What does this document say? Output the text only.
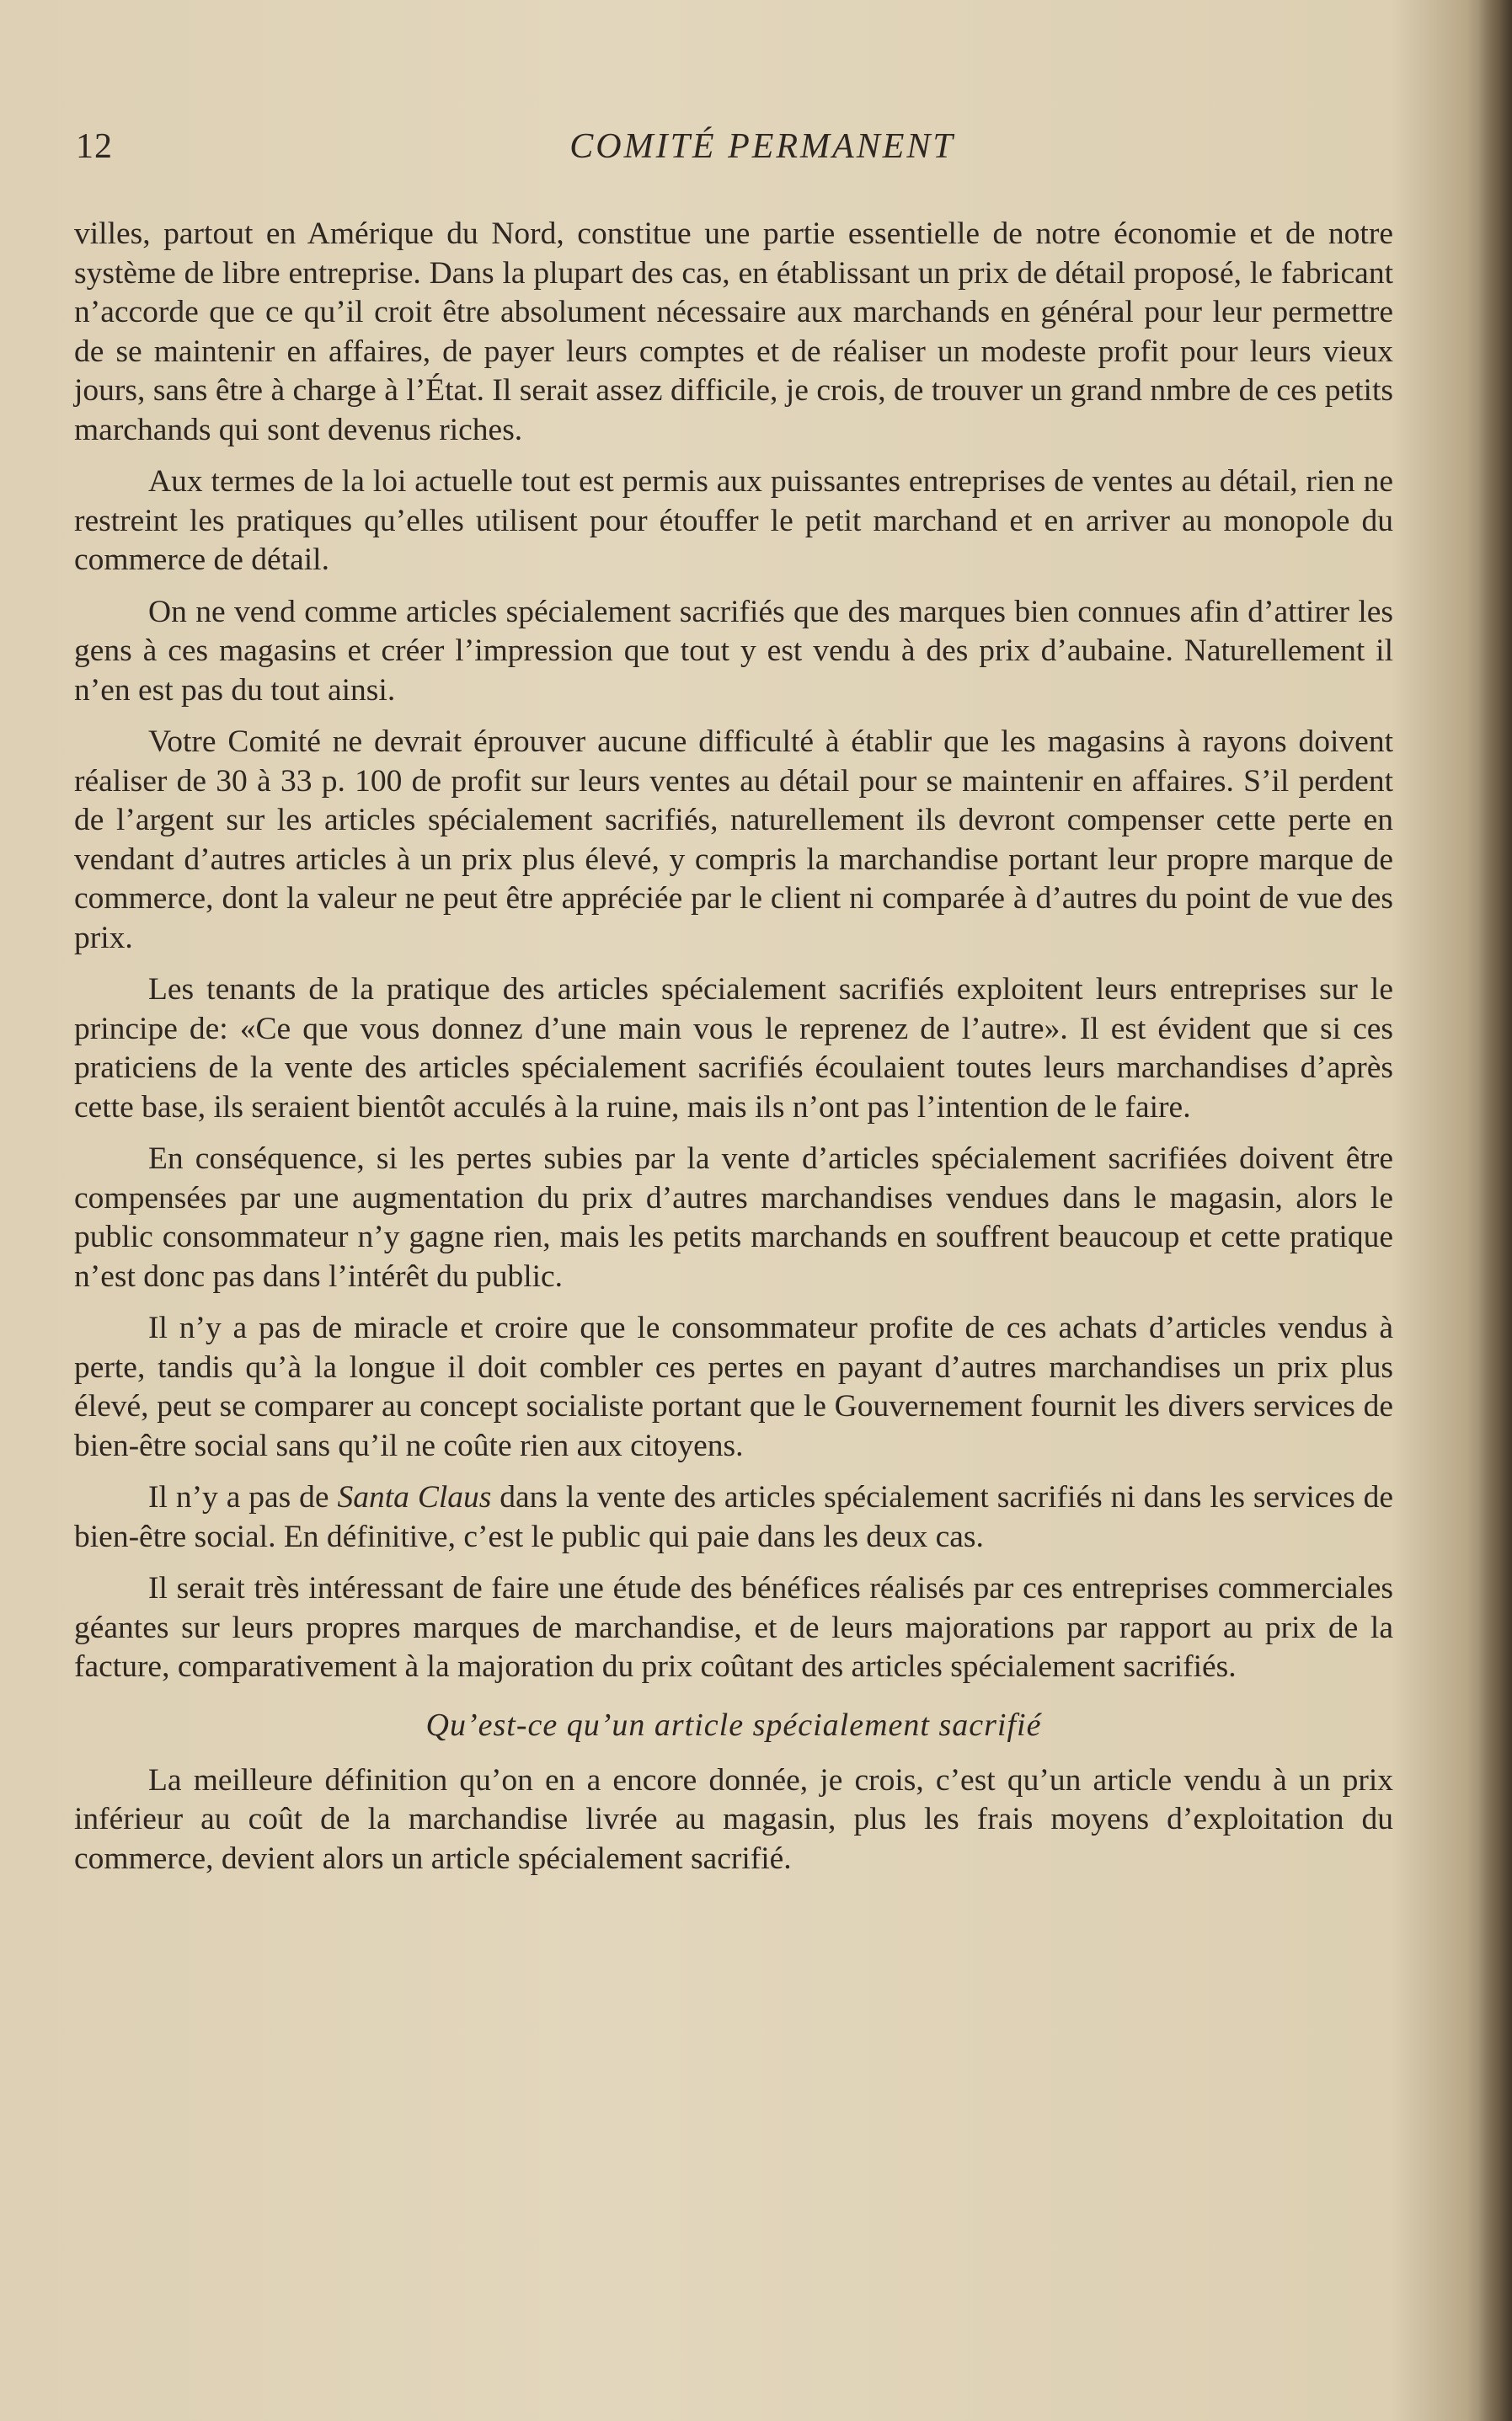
12	COMITÉ PERMANENT

villes, partout en Amérique du Nord, constitue une partie essentielle de notre économie et de notre système de libre entreprise. Dans la plupart des cas, en établissant un prix de détail proposé, le fabricant n’accorde que ce qu’il croit être absolument nécessaire aux marchands en général pour leur permettre de se maintenir en affaires, de payer leurs comptes et de réaliser un modeste profit pour leurs vieux jours, sans être à charge à l’État. Il serait assez difficile, je crois, de trouver un grand nmbre de ces petits marchands qui sont devenus riches.

Aux termes de la loi actuelle tout est permis aux puissantes entreprises de ventes au détail, rien ne restreint les pratiques qu’elles utilisent pour étouffer le petit marchand et en arriver au monopole du commerce de détail.

On ne vend comme articles spécialement sacrifiés que des marques bien connues afin d’attirer les gens à ces magasins et créer l’impression que tout y est vendu à des prix d’aubaine. Naturellement il n’en est pas du tout ainsi.

Votre Comité ne devrait éprouver aucune difficulté à établir que les magasins à rayons doivent réaliser de 30 à 33 p. 100 de profit sur leurs ventes au détail pour se maintenir en affaires. S’il perdent de l’argent sur les articles spécialement sacrifiés, naturellement ils devront compenser cette perte en vendant d’autres articles à un prix plus élevé, y compris la marchandise portant leur propre marque de commerce, dont la valeur ne peut être appréciée par le client ni comparée à d’autres du point de vue des prix.

Les tenants de la pratique des articles spécialement sacrifiés exploitent leurs entreprises sur le principe de: «Ce que vous donnez d’une main vous le reprenez de l’autre». Il est évident que si ces praticiens de la vente des articles spécialement sacrifiés écoulaient toutes leurs marchandises d’après cette base, ils seraient bientôt acculés à la ruine, mais ils n’ont pas l’intention de le faire.

En conséquence, si les pertes subies par la vente d’articles spécialement sacrifiées doivent être compensées par une augmentation du prix d’autres marchandises vendues dans le magasin, alors le public consommateur n’y gagne rien, mais les petits marchands en souffrent beaucoup et cette pratique n’est donc pas dans l’intérêt du public.

Il n’y a pas de miracle et croire que le consommateur profite de ces achats d’articles vendus à perte, tandis qu’à la longue il doit combler ces pertes en payant d’autres marchandises un prix plus élevé, peut se comparer au concept socialiste portant que le Gouvernement fournit les divers services de bien-être social sans qu’il ne coûte rien aux citoyens.

Il n’y a pas de Santa Claus dans la vente des articles spécialement sacrifiés ni dans les services de bien-être social. En définitive, c’est le public qui paie dans les deux cas.

Il serait très intéressant de faire une étude des bénéfices réalisés par ces entreprises commerciales géantes sur leurs propres marques de marchandise, et de leurs majorations par rapport au prix de la facture, comparativement à la majoration du prix coûtant des articles spécialement sacrifiés.

Qu’est-ce qu’un article spécialement sacrifié

La meilleure définition qu’on en a encore donnée, je crois, c’est qu’un article vendu à un prix inférieur au coût de la marchandise livrée au magasin, plus les frais moyens d’exploitation du commerce, devient alors un article spécialement sacrifié.
